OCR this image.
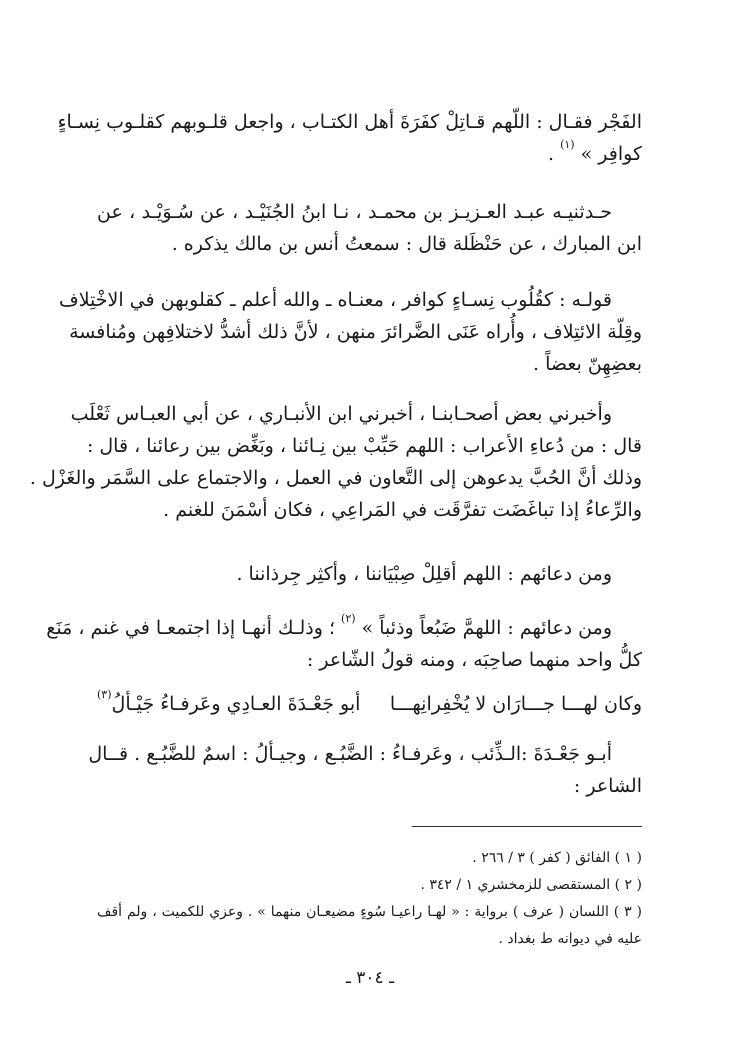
الفَجْر فقـال : اللّهم قـاتِلْ كفَرَةَ أهل الكتـاب ، واجعل قلـوبهم كقلـوب نِسـاءٍ
كوافِر » $^{(١)}$ .
حـدثنيـه عبـد العـزيـز بن محمـد ، نـا ابنُ الجُنَيْـد ، عن سُـوَيْـد ، عن
ابن المبارك ، عن حَنْظَلة قال : سمعتُ أنس بن مالك يذكره .
قولـه : كقُلُوب نِسـاءٍ كوافر ، معنـاه ـ والله أعلم ـ كقلوبهن في الاخْتِلاف
وقِلّة الائتِلاف ، وأُراه عَنَى الضَّرائرَ منهن ، لأنَّ ذلك أشدُّ لاختلافِهن ومُنافسة
بعضِهِنّ بعضاً .
وأخبرني بعض أصحـابنـا ، أخبرني ابن الأنبـاري ، عن أبي العبـاس ثَعْلَب
قال : من دُعاءِ الأعراب : اللهم حَبِّبْ بين نِـائنا ، وبَغِّض بين رعائنا ، قال :
وذلك أنَّ الحُبَّ يدعوهن إلى التَّعاون في العمل ، والاجتماع على السَّمَر والغَزْل .
والرِّعاءُ إذا تباغَضَت تفرَّقَت في المَراعِي ، فكان أسْمَنَ للغنم .
ومن دعائهم : اللهم أقلِلْ صِبْيَاننا ، وأكثِر جِرذاننا .
ومن دعائهم : اللهمَّ ضَبُعاً وذئباً » $^{(٢)}$ ؛ وذلـك أنهـا إذا اجتمعـا في غنم ، مَنَع
كلُّ واحد منهما صاحِبَه ، ومنه قولُ الشّاعر :
وكان لهـــا جـــارَان لا يُخْفِرانِهـــا
أبو جَعْـدَةَ العـادِي وعَرفـاءُ جَيْـألُ$^{(٣)}$
أبـو جَعْـدَةَ :الـذِّئب ، وعَرفـاءُ : الضَّبُـع ، وجيـألُ : اسمٌ للضَّبُـع . قــال
الشاعر :
( ١ ) الفائق ( كفر ) ٣ / ٢٦٦ .
( ٢ ) المستقصى للزمخشري ١ / ٣٤٢ .
( ٣ ) اللسان ( عرف ) برواية : « لهـا راعيـا سُوءٍ مضيعـان منهما » . وعزي للكميت ، ولم أقف
عليه في ديوانه ط بغداد .
ـ ٣٠٤ ـ
